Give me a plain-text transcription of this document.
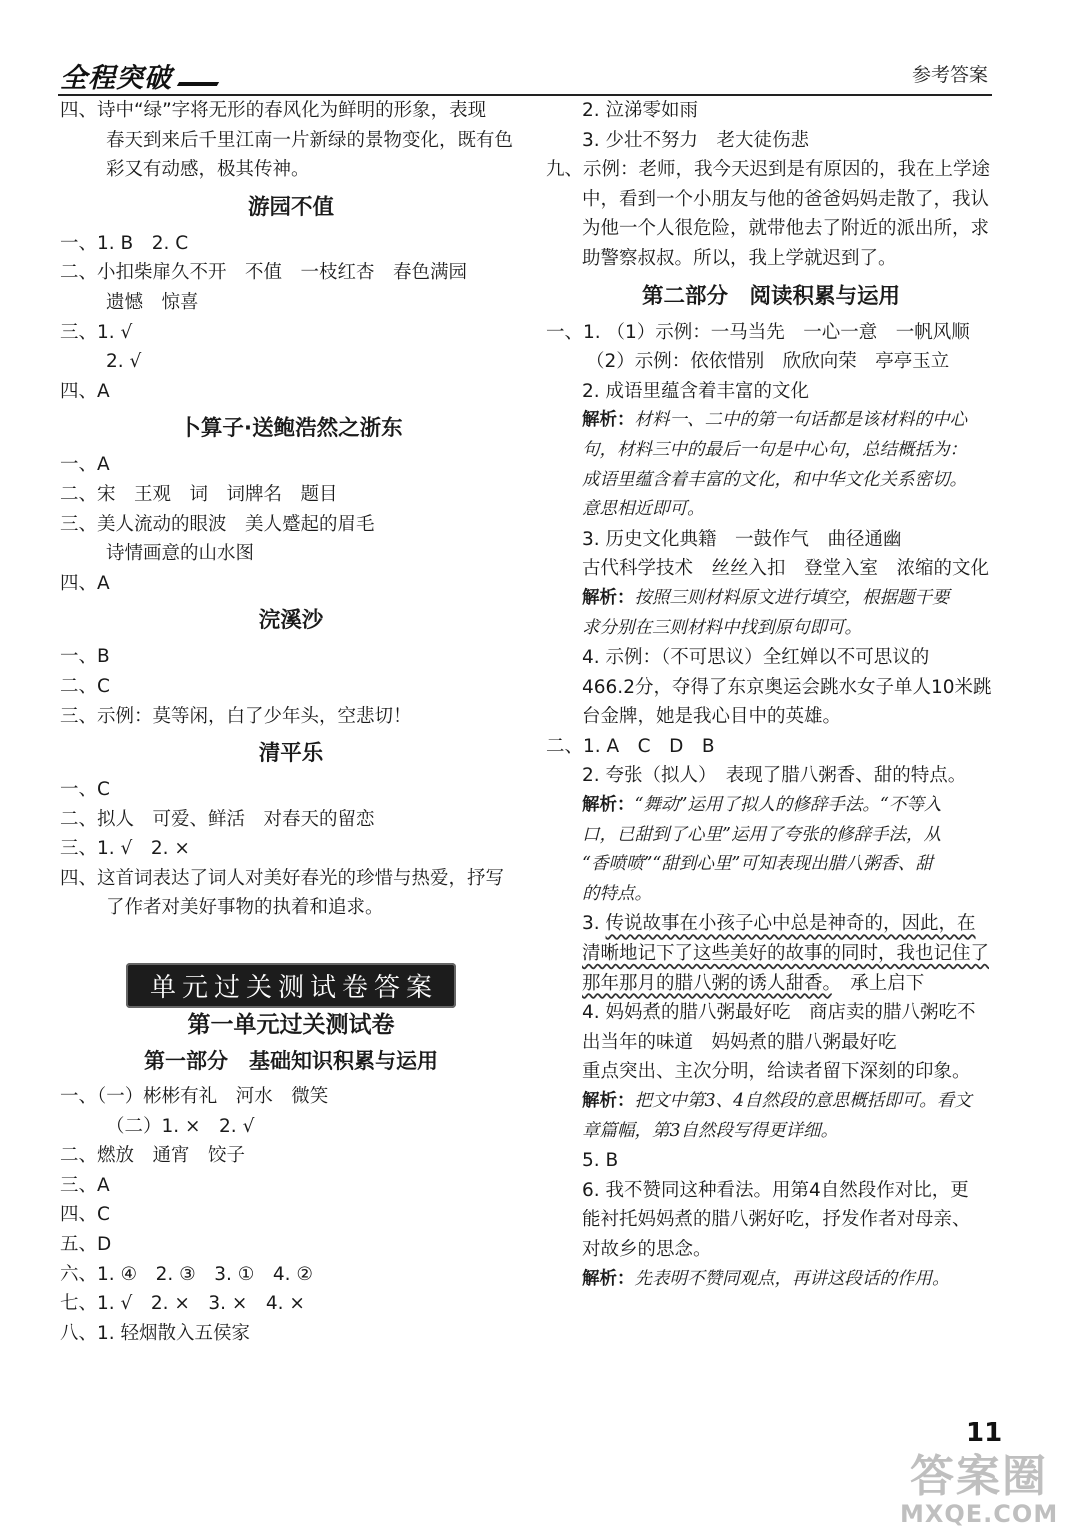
全程突破	参考答案
四、诗中“绿”字将无形的春风化为鲜明的形象，表现
春天到来后千里江南一片新绿的景物变化，既有色
彩又有动感，极其传神。
游园不值
一、1. B　2. C
二、小扣柴扉久不开　不值　一枝红杏　春色满园
遗憾　惊喜
三、1. √
2. √
四、A
卜算子·送鲍浩然之浙东
一、A
二、宋　王观　词　词牌名　题目
三、美人流动的眼波　美人蹙起的眉毛
诗情画意的山水图
四、A
浣溪沙
一、B
二、C
三、示例：莫等闲，白了少年头，空悲切！
清平乐
一、C
二、拟人　可爱、鲜活　对春天的留恋
三、1. √　2. ×
四、这首词表达了词人对美好春光的珍惜与热爱，抒写
了作者对美好事物的执着和追求。
单元过关测试卷答案
第一单元过关测试卷
第一部分　基础知识积累与运用
一、（一）彬彬有礼　河水　微笑
（二）1. ×　2. √
二、燃放　通宵　饺子
三、A
四、C
五、D
六、1. ④　2. ③　3. ①　4. ②
七、1. √　2. ×　3. ×　4. ×
八、1. 轻烟散入五侯家
2. 泣涕零如雨
3. 少壮不努力　老大徒伤悲
九、示例：老师，我今天迟到是有原因的，我在上学途
中，看到一个小朋友与他的爸爸妈妈走散了，我认
为他一个人很危险，就带他去了附近的派出所，求
助警察叔叔。所以，我上学就迟到了。
第二部分　阅读积累与运用
一、1. （1）示例：一马当先　一心一意　一帆风顺
（2）示例：依依惜别　欣欣向荣　亭亭玉立
2. 成语里蕴含着丰富的文化
解析：材料一、二中的第一句话都是该材料的中心
句，材料三中的最后一句是中心句，总结概括为：
成语里蕴含着丰富的文化，和中华文化关系密切。
意思相近即可。
3. 历史文化典籍　一鼓作气　曲径通幽
古代科学技术　丝丝入扣　登堂入室　浓缩的文化
解析：按照三则材料原文进行填空，根据题干要
求分别在三则材料中找到原句即可。
4. 示例：（不可思议）全红婵以不可思议的
466.2分，夺得了东京奥运会跳水女子单人10米跳
台金牌，她是我心目中的英雄。
二、1. A　C　D　B
2. 夸张（拟人）　表现了腊八粥香、甜的特点。
解析：“舞动”运用了拟人的修辞手法。“不等入
口，已甜到了心里”运用了夸张的修辞手法，从
“香喷喷”“甜到心里”可知表现出腊八粥香、甜
的特点。
3. 传说故事在小孩子心中总是神奇的，因此，在
清晰地记下了这些美好的故事的同时，我也记住了
那年那月的腊八粥的诱人甜香。　承上启下
4. 妈妈煮的腊八粥最好吃　商店卖的腊八粥吃不
出当年的味道　妈妈煮的腊八粥最好吃
重点突出、主次分明，给读者留下深刻的印象。
解析：把文中第3、4自然段的意思概括即可。看文
章篇幅，第3自然段写得更详细。
5. B
6. 我不赞同这种看法。用第4自然段作对比，更
能衬托妈妈煮的腊八粥好吃，抒发作者对母亲、
对故乡的思念。
解析：先表明不赞同观点，再讲这段话的作用。
11
答案圈
MXQE.COM
